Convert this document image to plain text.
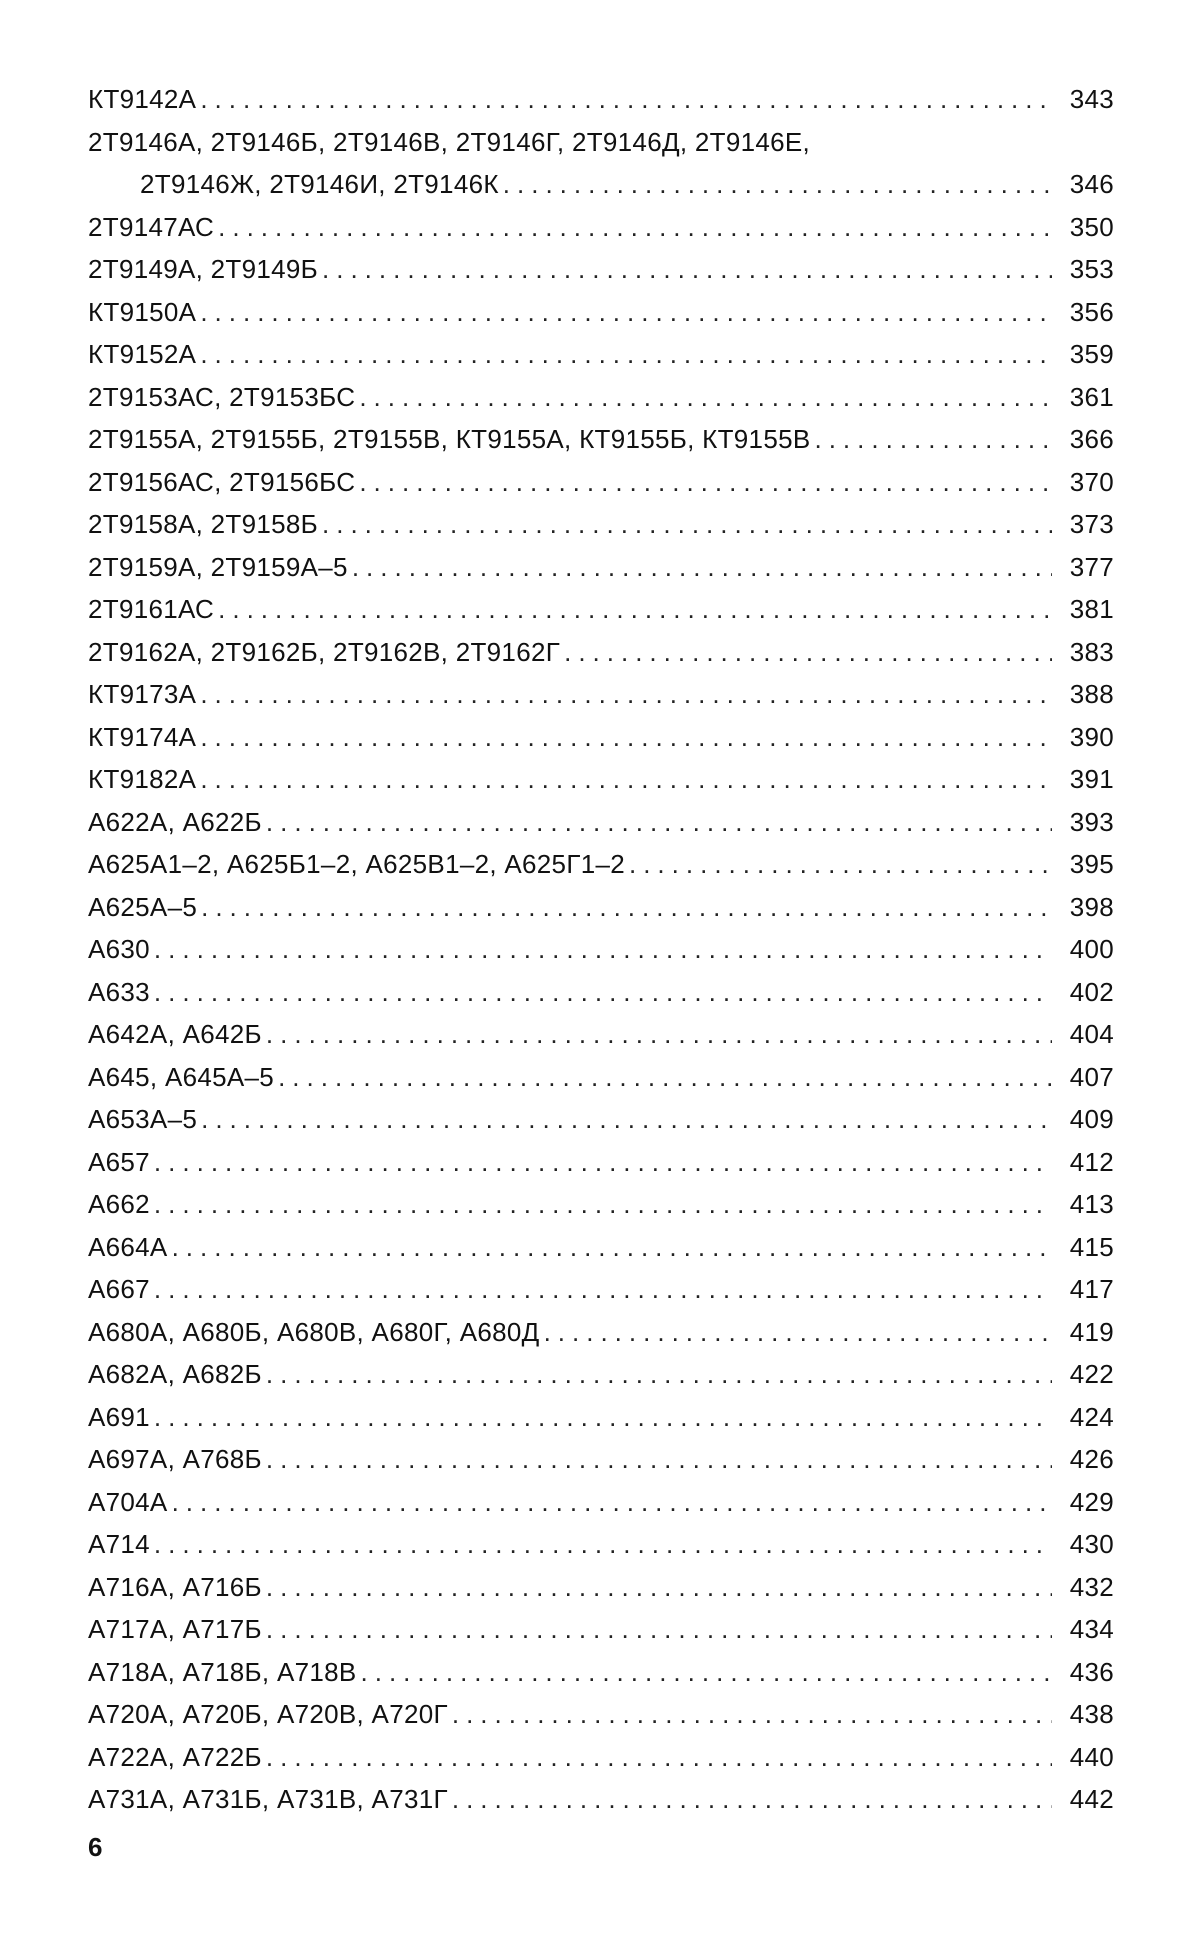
КТ9142А .....	343
2Т9146А, 2Т9146Б, 2Т9146В, 2Т9146Г, 2Т9146Д, 2Т9146Е,
2Т9146Ж, 2Т9146И, 2Т9146К .....	346
2Т9147АС .....	350
2Т9149А, 2Т9149Б .....	353
КТ9150А .....	356
КТ9152А .....	359
2Т9153АС, 2Т9153БС .....	361
2Т9155А, 2Т9155Б, 2Т9155В, КТ9155А, КТ9155Б, КТ9155В .....	366
2Т9156АС, 2Т9156БС .....	370
2Т9158А, 2Т9158Б .....	373
2Т9159А, 2Т9159А–5 .....	377
2Т9161АС .....	381
2Т9162А, 2Т9162Б, 2Т9162В, 2Т9162Г .....	383
КТ9173А .....	388
КТ9174А .....	390
КТ9182А .....	391
А622А, А622Б .....	393
А625А1–2, А625Б1–2, А625В1–2, А625Г1–2 .....	395
А625А–5 .....	398
А630 .....	400
А633 .....	402
А642А, А642Б .....	404
А645, А645А–5 .....	407
А653А–5 .....	409
А657 .....	412
А662 .....	413
А664А .....	415
А667 .....	417
А680А, А680Б, А680В, А680Г, А680Д .....	419
А682А, А682Б .....	422
А691 .....	424
А697А, А768Б .....	426
А704А .....	429
А714 .....	430
А716А, А716Б .....	432
А717А, А717Б .....	434
А718А, А718Б, А718В .....	436
А720А, А720Б, А720В, А720Г .....	438
А722А, А722Б .....	440
А731А, А731Б, А731В, А731Г .....	442
6
